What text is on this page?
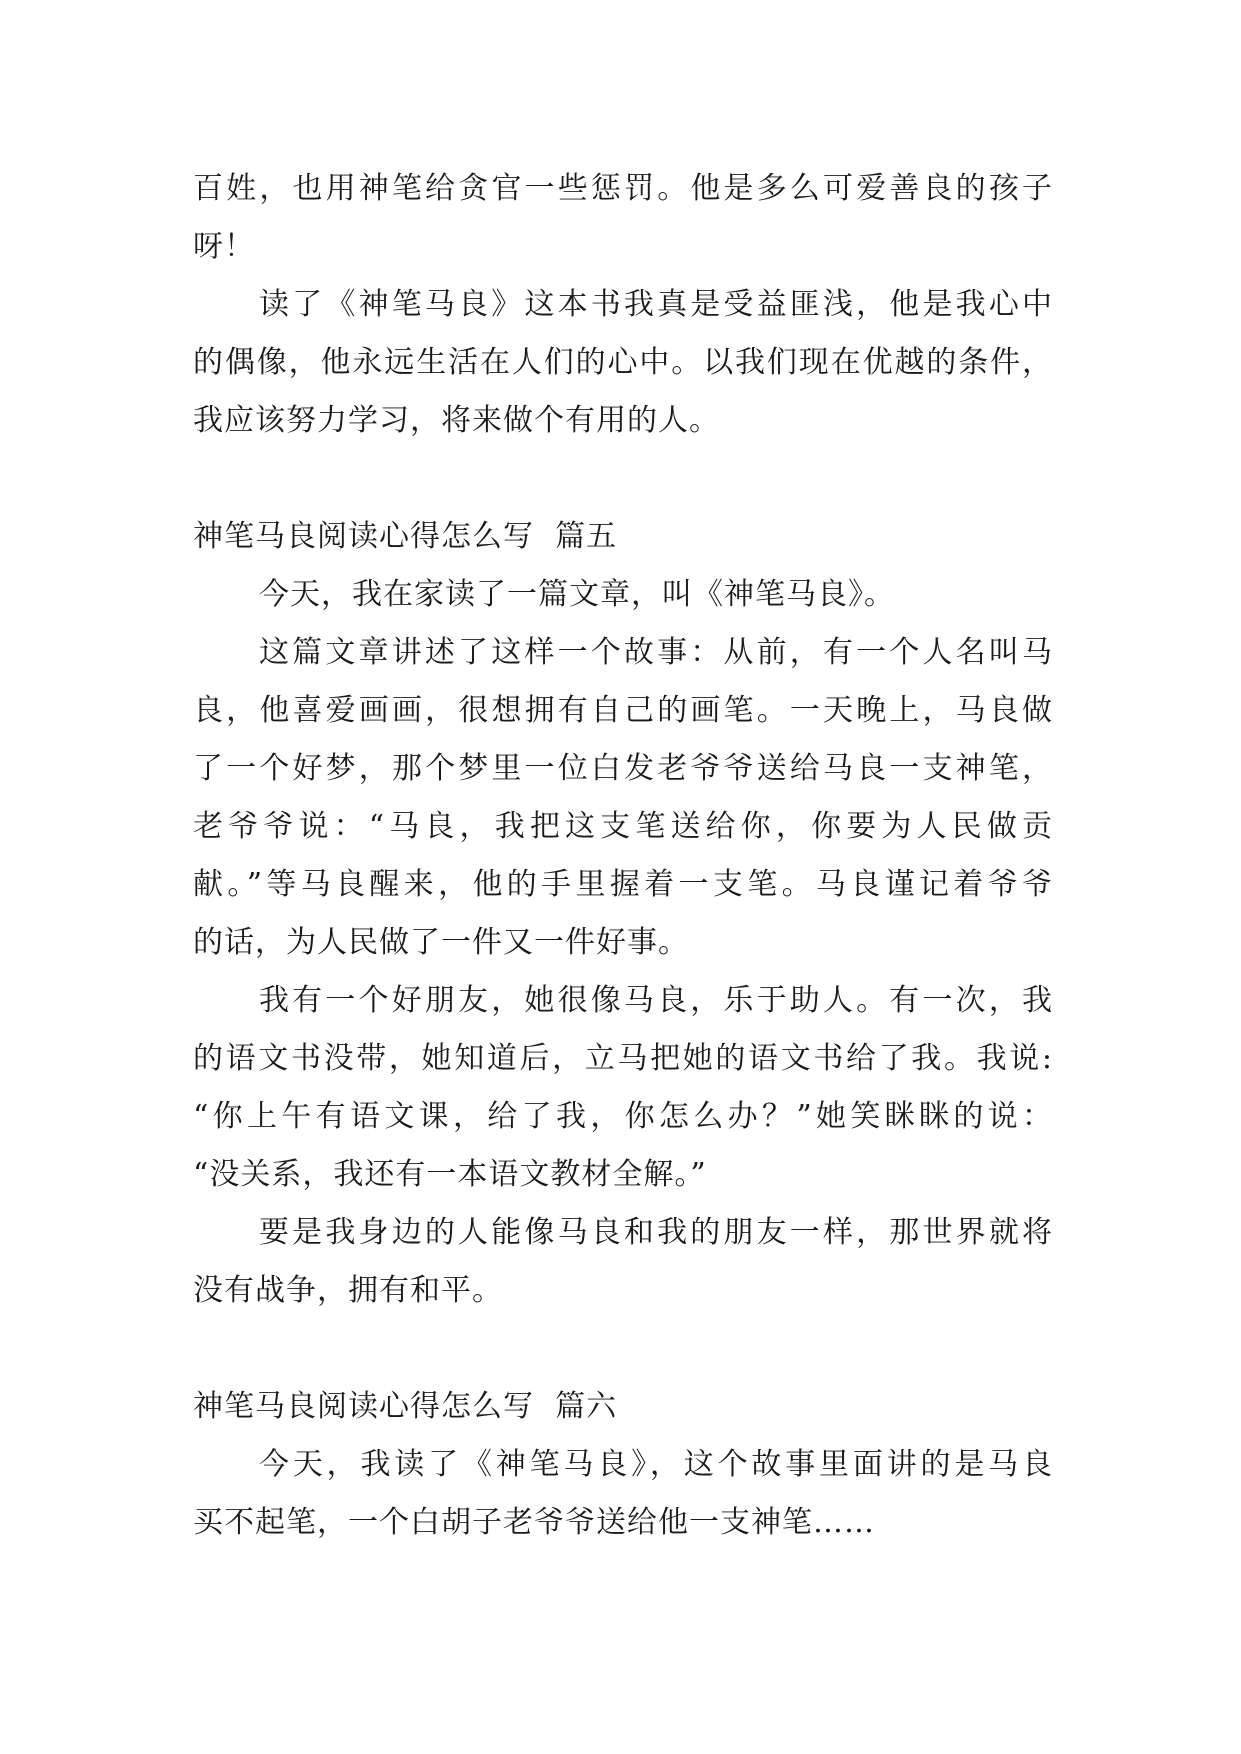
百姓，也用神笔给贪官一些惩罚。他是多么可爱善良的孩子
呀！
读了《神笔马良》这本书我真是受益匪浅，他是我心中
的偶像，他永远生活在人们的心中。以我们现在优越的条件，
我应该努力学习，将来做个有用的人。
神笔马良阅读心得怎么写  篇五
今天，我在家读了一篇文章，叫《神笔马良》。
这篇文章讲述了这样一个故事：从前，有一个人名叫马
良，他喜爱画画，很想拥有自己的画笔。一天晚上，马良做
了一个好梦，那个梦里一位白发老爷爷送给马良一支神笔，
老爷爷说：“马良，我把这支笔送给你，你要为人民做贡
献。”等马良醒来，他的手里握着一支笔。马良谨记着爷爷
的话，为人民做了一件又一件好事。
我有一个好朋友，她很像马良，乐于助人。有一次，我
的语文书没带，她知道后，立马把她的语文书给了我。我说:
“你上午有语文课，给了我，你怎么办？”她笑眯眯的说：
“没关系，我还有一本语文教材全解。”
要是我身边的人能像马良和我的朋友一样，那世界就将
没有战争，拥有和平。
神笔马良阅读心得怎么写  篇六
今天，我读了《神笔马良》，这个故事里面讲的是马良
买不起笔，一个白胡子老爷爷送给他一支神笔……
